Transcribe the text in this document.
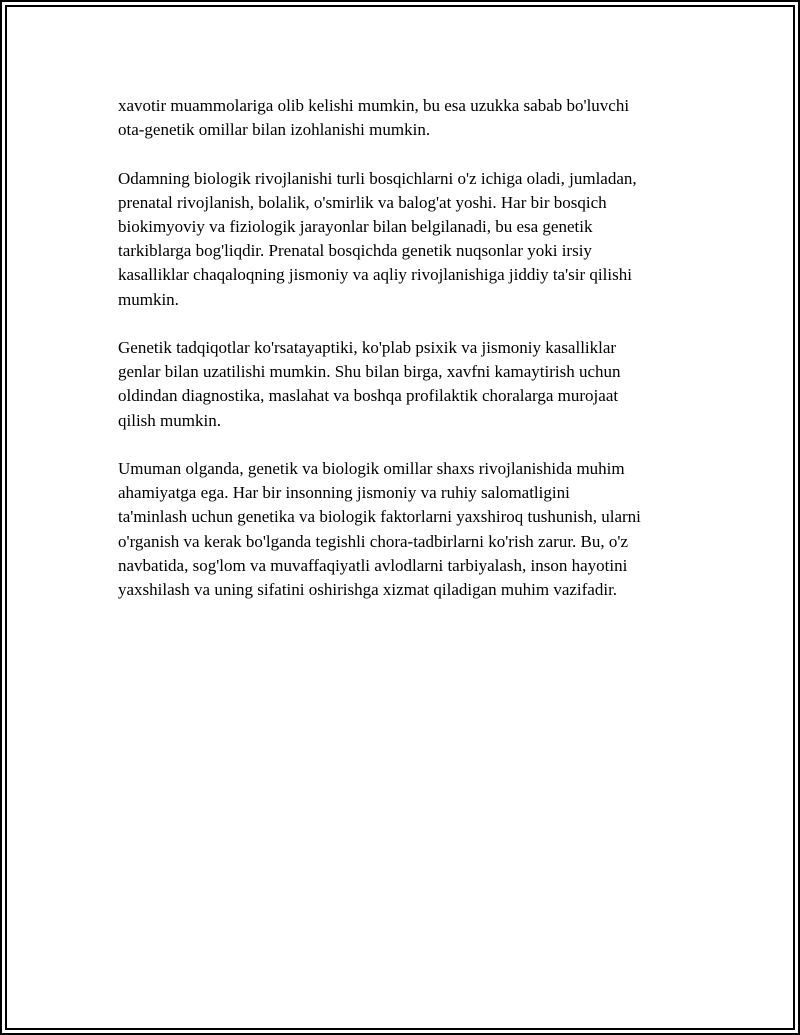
xavotir muammolariga olib kelishi mumkin, bu esa uzukka sabab bo'luvchi
ota-genetik omillar bilan izohlanishi mumkin.

Odamning biologik rivojlanishi turli bosqichlarni o'z ichiga oladi, jumladan,
prenatal rivojlanish, bolalik, o'smirlik va balog'at yoshi. Har bir bosqich
biokimyoviy va fiziologik jarayonlar bilan belgilanadi, bu esa genetik
tarkiblarga bog'liqdir. Prenatal bosqichda genetik nuqsonlar yoki irsiy
kasalliklar chaqaloqning jismoniy va aqliy rivojlanishiga jiddiy ta'sir qilishi
mumkin.

Genetik tadqiqotlar ko'rsatayaptiki, ko'plab psixik va jismoniy kasalliklar
genlar bilan uzatilishi mumkin. Shu bilan birga, xavfni kamaytirish uchun
oldindan diagnostika, maslahat va boshqa profilaktik choralarga murojaat
qilish mumkin.

Umuman olganda, genetik va biologik omillar shaxs rivojlanishida muhim
ahamiyatga ega. Har bir insonning jismoniy va ruhiy salomatligini
ta'minlash uchun genetika va biologik faktorlarni yaxshiroq tushunish, ularni
o'rganish va kerak bo'lganda tegishli chora-tadbirlarni ko'rish zarur. Bu, o'z
navbatida, sog'lom va muvaffaqiyatli avlodlarni tarbiyalash, inson hayotini
yaxshilash va uning sifatini oshirishga xizmat qiladigan muhim vazifadir.
